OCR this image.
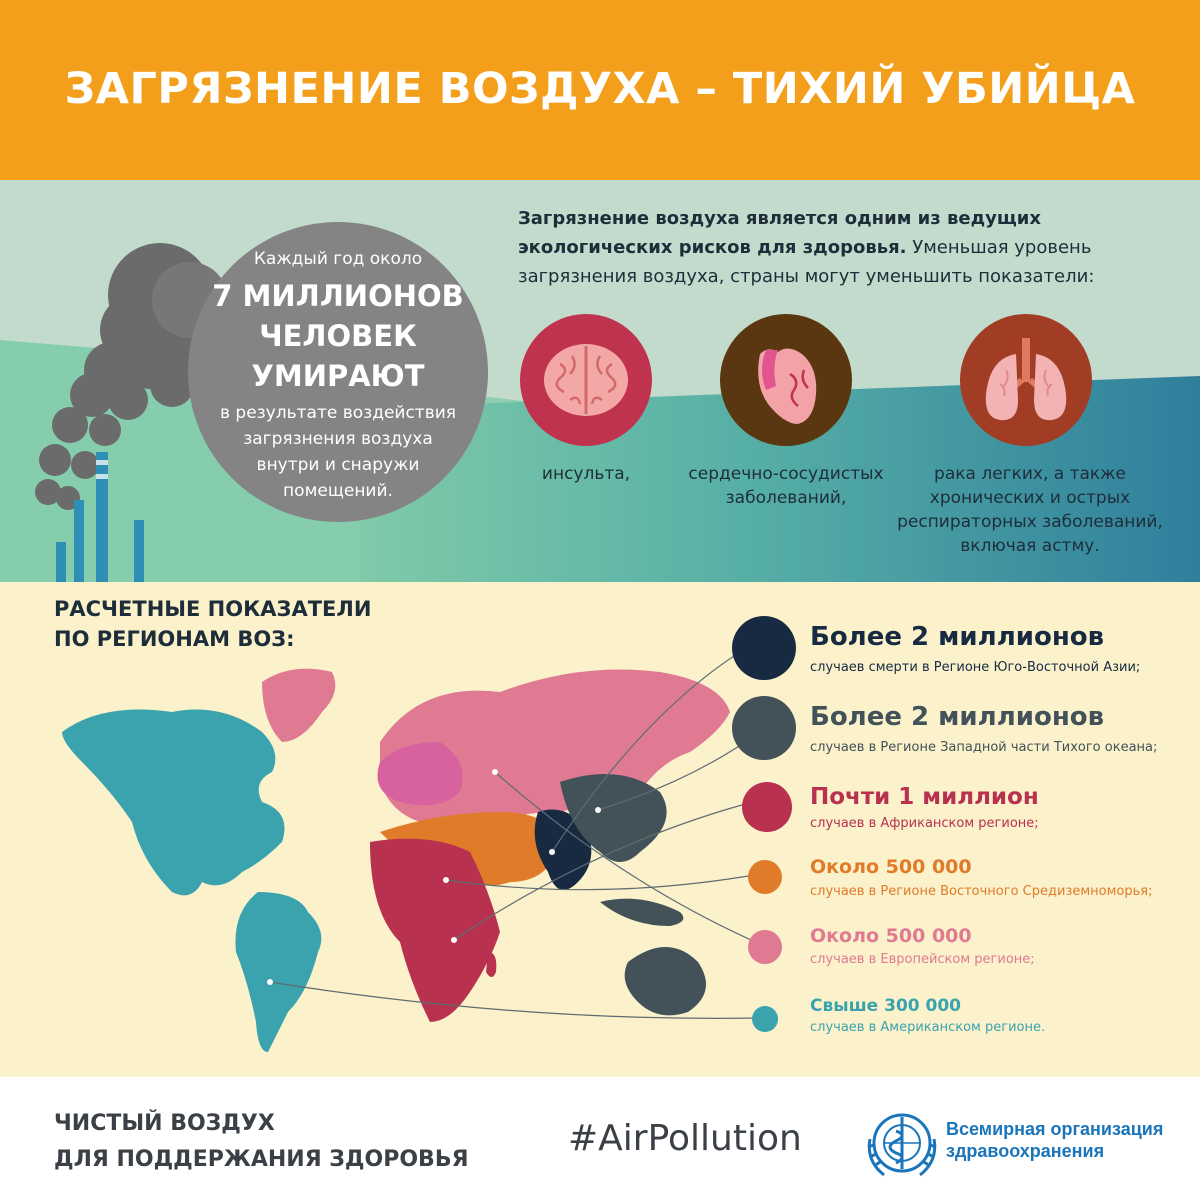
ЗАГРЯЗНЕНИЕ ВОЗДУХА – ТИХИЙ УБИЙЦА
Каждый год около
7 МИЛЛИОНОВ
ЧЕЛОВЕК
УМИРАЮТ
в результате воздействия
загрязнения воздуха
внутри и снаружи
помещений.
Загрязнение воздуха является одним из ведущих
экологических рисков для здоровья. Уменьшая уровень
загрязнения воздуха, страны могут уменьшить показатели:
инсульта,	сердечно-сосудистых
заболеваний,
рака легких, а также
хронических и острых
респираторных заболеваний,
включая астму.
РАСЧЕТНЫЕ ПОКАЗАТЕЛИ
ПО РЕГИОНАМ ВОЗ:	Более 2 миллионов
случаев смерти в Регионе Юго-Восточной Азии;
Более 2 миллионов
случаев в Регионе Западной части Тихого океана;
Почти 1 миллион
случаев в Африканском регионе;
Около 500 000
случаев в Регионе Восточного Средиземноморья;
Около 500 000
случаев в Европейском регионе;
Свыше 300 000
случаев в Американском регионе.
ЧИСТЫЙ ВОЗДУХ
ДЛЯ ПОДДЕРЖАНИЯ ЗДОРОВЬЯ
#AirPollution	Всемирная организация
здравоохранения
